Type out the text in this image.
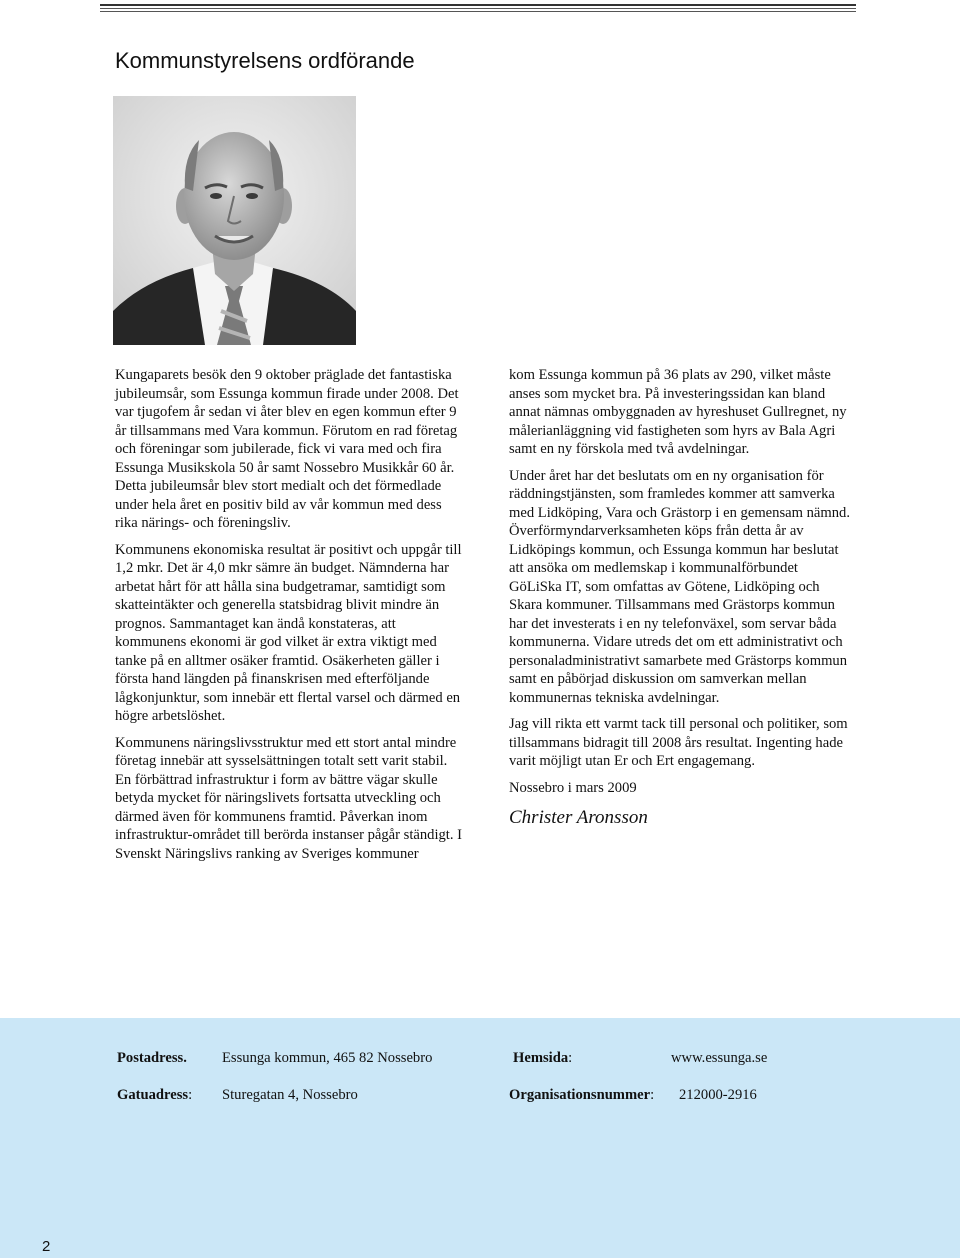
Kommunstyrelsens ordförande

Kungaparets besök den 9 oktober präglade det fantastiska jubileumsår, som Essunga kommun firade under 2008. Det var tjugofem år sedan vi åter blev en egen kommun efter 9 år tillsammans med Vara kommun. Förutom en rad företag och föreningar som jubilerade, fick vi vara med och fira Essunga Musikskola 50 år samt Nossebro Musikkår 60 år. Detta jubileumsår blev stort medialt och det förmedlade under hela året en positiv bild av vår kommun med dess rika närings- och föreningsliv.

Kommunens ekonomiska resultat är positivt och uppgår till 1,2 mkr. Det är 4,0 mkr sämre än budget. Nämnderna har arbetat hårt för att hålla sina budgetramar, samtidigt som skatteintäkter och generella statsbidrag blivit mindre än prognos. Sammantaget kan ändå konstateras, att kommunens ekonomi är god vilket är extra viktigt med tanke på en alltmer osäker framtid. Osäkerheten gäller i första hand längden på finanskrisen med efterföljande lågkonjunktur, som innebär ett flertal varsel och därmed en högre arbetslöshet.

Kommunens näringslivsstruktur med ett stort antal mindre företag innebär att sysselsättningen totalt sett varit stabil. En förbättrad infrastruktur i form av bättre vägar skulle betyda mycket för näringslivets fortsatta utveckling och därmed även för kommunens framtid. Påverkan inom infrastruktur-området till berörda instanser pågår ständigt. I Svenskt Näringslivs ranking av Sveriges kommuner

kom Essunga kommun på 36 plats av 290, vilket måste anses som mycket bra. På investeringssidan kan bland annat nämnas ombyggnaden av hyreshuset Gullregnet, ny målerianläggning vid fastigheten som hyrs av Bala Agri samt en ny förskola med två avdelningar.

Under året har det beslutats om en ny organisation för räddningstjänsten, som framledes kommer att samverka med Lidköping, Vara och Grästorp i en gemensam nämnd. Överförmyndarverksamheten köps från detta år av Lidköpings kommun, och Essunga kommun har beslutat att ansöka om medlemskap i kommunalförbundet GöLiSka IT, som omfattas av Götene, Lidköping och Skara kommuner. Tillsammans med Grästorps kommun har det investerats i en ny telefonväxel, som servar båda kommunerna. Vidare utreds det om ett administrativt och personaladministrativt samarbete med Grästorps kommun samt en påbörjad diskussion om samverkan mellan kommunernas tekniska avdelningar.

Jag vill rikta ett varmt tack till personal och politiker, som tillsammans bidragit till 2008 års resultat. Ingenting hade varit möjligt utan Er och Ert engagemang.

Nossebro i mars 2009

Christer Aronsson
Postadress. Essunga kommun, 465 82 Nossebro	Hemsida:	www.essunga.se
Gatuadress: Sturegatan 4, Nossebro	Organisationsnummer: 212000-2916
2
